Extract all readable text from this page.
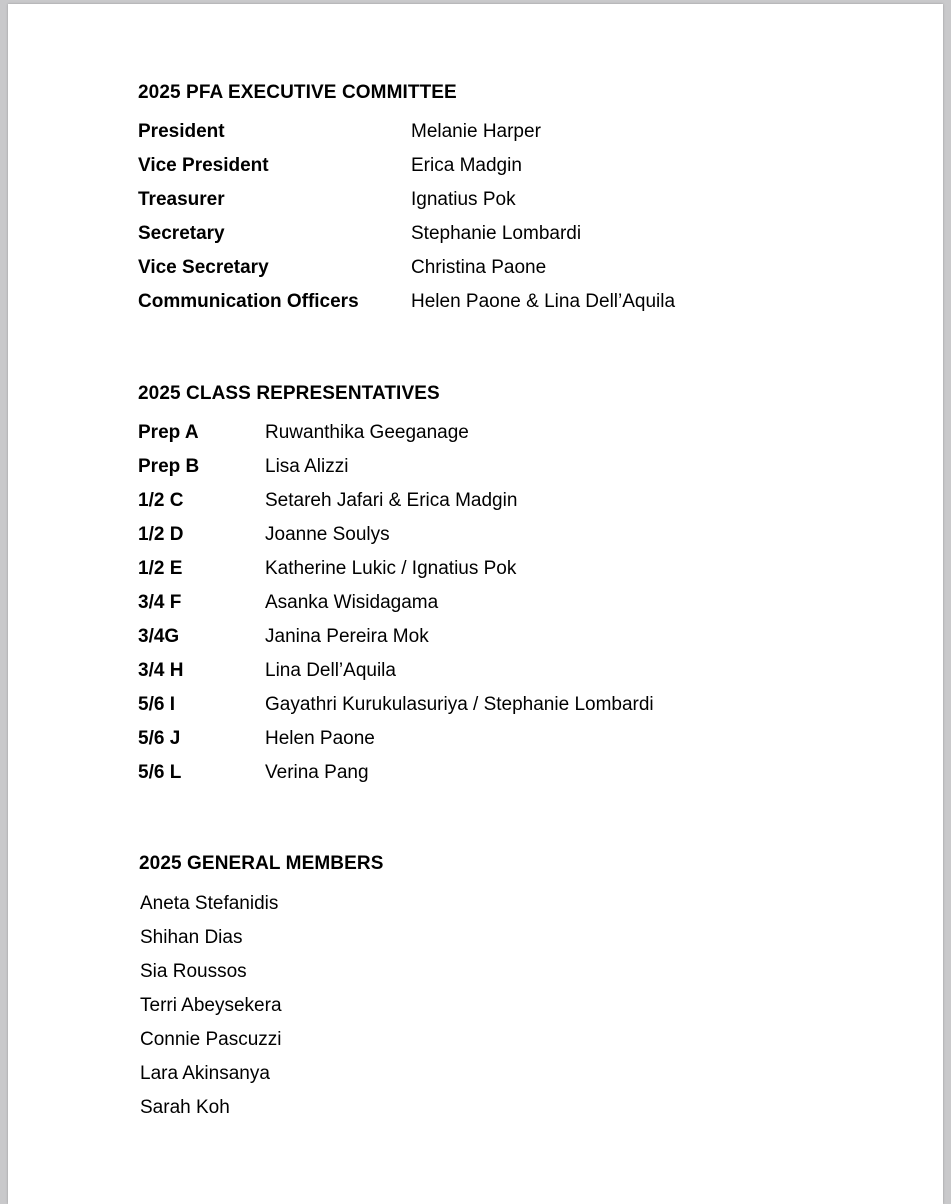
2025 PFA EXECUTIVE COMMITTEE
President	Melanie Harper
Vice President	Erica Madgin
Treasurer	Ignatius Pok
Secretary	Stephanie Lombardi
Vice Secretary	Christina Paone
Communication Officers	Helen Paone & Lina Dell’Aquila
2025 CLASS REPRESENTATIVES
Prep A	Ruwanthika Geeganage
Prep B	Lisa Alizzi
1/2 C	Setareh Jafari & Erica Madgin
1/2 D	Joanne Soulys
1/2 E	Katherine Lukic / Ignatius Pok
3/4 F	Asanka Wisidagama
3/4G	Janina Pereira Mok
3/4 H	Lina Dell’Aquila
5/6 I	Gayathri Kurukulasuriya / Stephanie Lombardi
5/6 J	Helen Paone
5/6 L	Verina Pang
2025 GENERAL MEMBERS
Aneta Stefanidis
Shihan Dias
Sia Roussos
Terri Abeysekera
Connie Pascuzzi
Lara Akinsanya
Sarah Koh
